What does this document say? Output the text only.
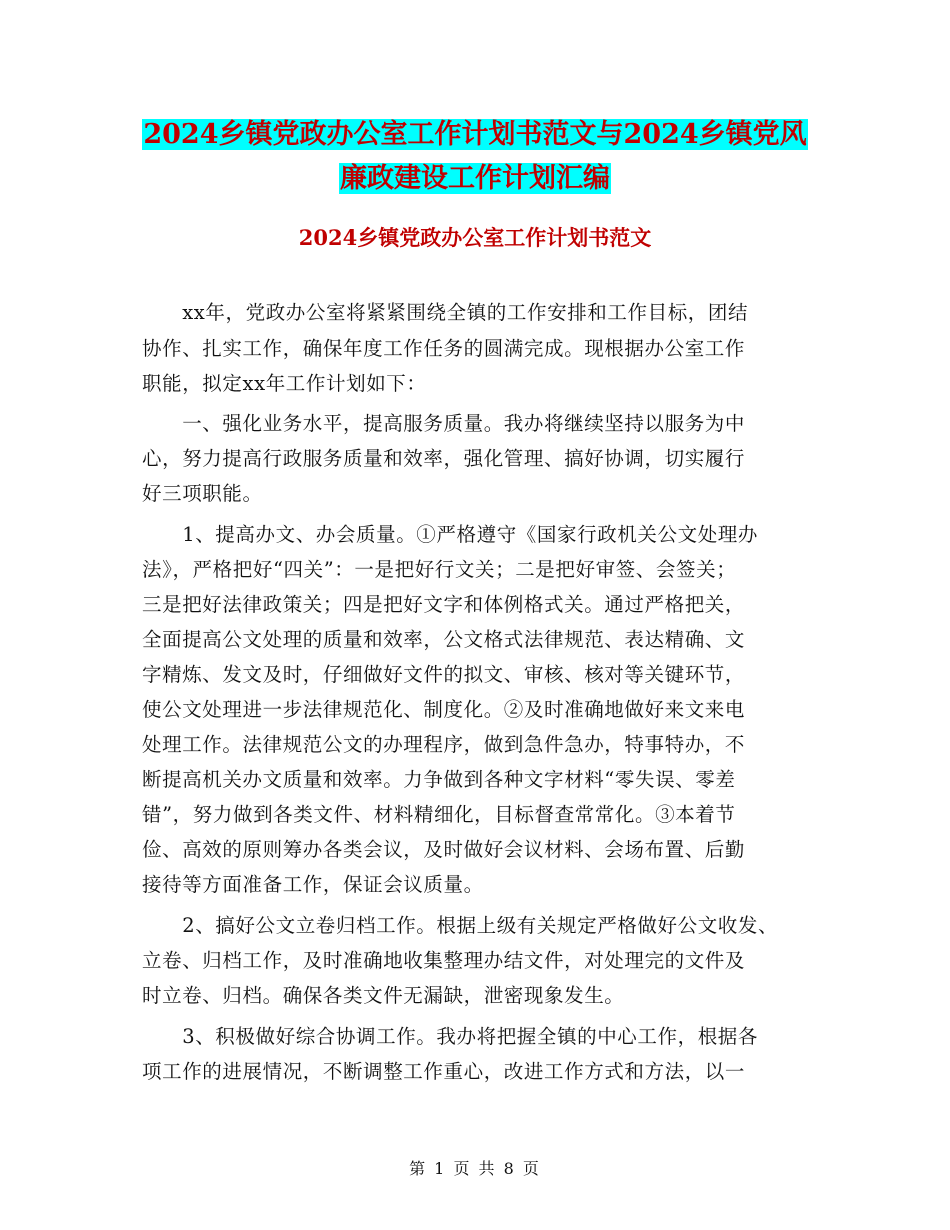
2024乡镇党政办公室工作计划书范文与2024乡镇党风
廉政建设工作计划汇编
2024乡镇党政办公室工作计划书范文
　　xx年，党政办公室将紧紧围绕全镇的工作安排和工作目标，团结
协作、扎实工作，确保年度工作任务的圆满完成。现根据办公室工作
职能，拟定xx年工作计划如下：
　　一、强化业务水平，提高服务质量。我办将继续坚持以服务为中
心，努力提高行政服务质量和效率，强化管理、搞好协调，切实履行
好三项职能。
　　1、提高办文、办会质量。①严格遵守《国家行政机关公文处理办
法》，严格把好“四关”：一是把好行文关；二是把好审签、会签关；
三是把好法律政策关；四是把好文字和体例格式关。通过严格把关，
全面提高公文处理的质量和效率，公文格式法律规范、表达精确、文
字精炼、发文及时，仔细做好文件的拟文、审核、核对等关键环节，
使公文处理进一步法律规范化、制度化。②及时准确地做好来文来电
处理工作。法律规范公文的办理程序，做到急件急办，特事特办，不
断提高机关办文质量和效率。力争做到各种文字材料“零失误、零差
错”，努力做到各类文件、材料精细化，目标督查常常化。③本着节
俭、高效的原则筹办各类会议，及时做好会议材料、会场布置、后勤
接待等方面准备工作，保证会议质量。
　　2、搞好公文立卷归档工作。根据上级有关规定严格做好公文收发、
立卷、归档工作，及时准确地收集整理办结文件，对处理完的文件及
时立卷、归档。确保各类文件无漏缺，泄密现象发生。
　　3、积极做好综合协调工作。我办将把握全镇的中心工作，根据各
项工作的进展情况，不断调整工作重心，改进工作方式和方法，以一
第 1 页 共 8 页
